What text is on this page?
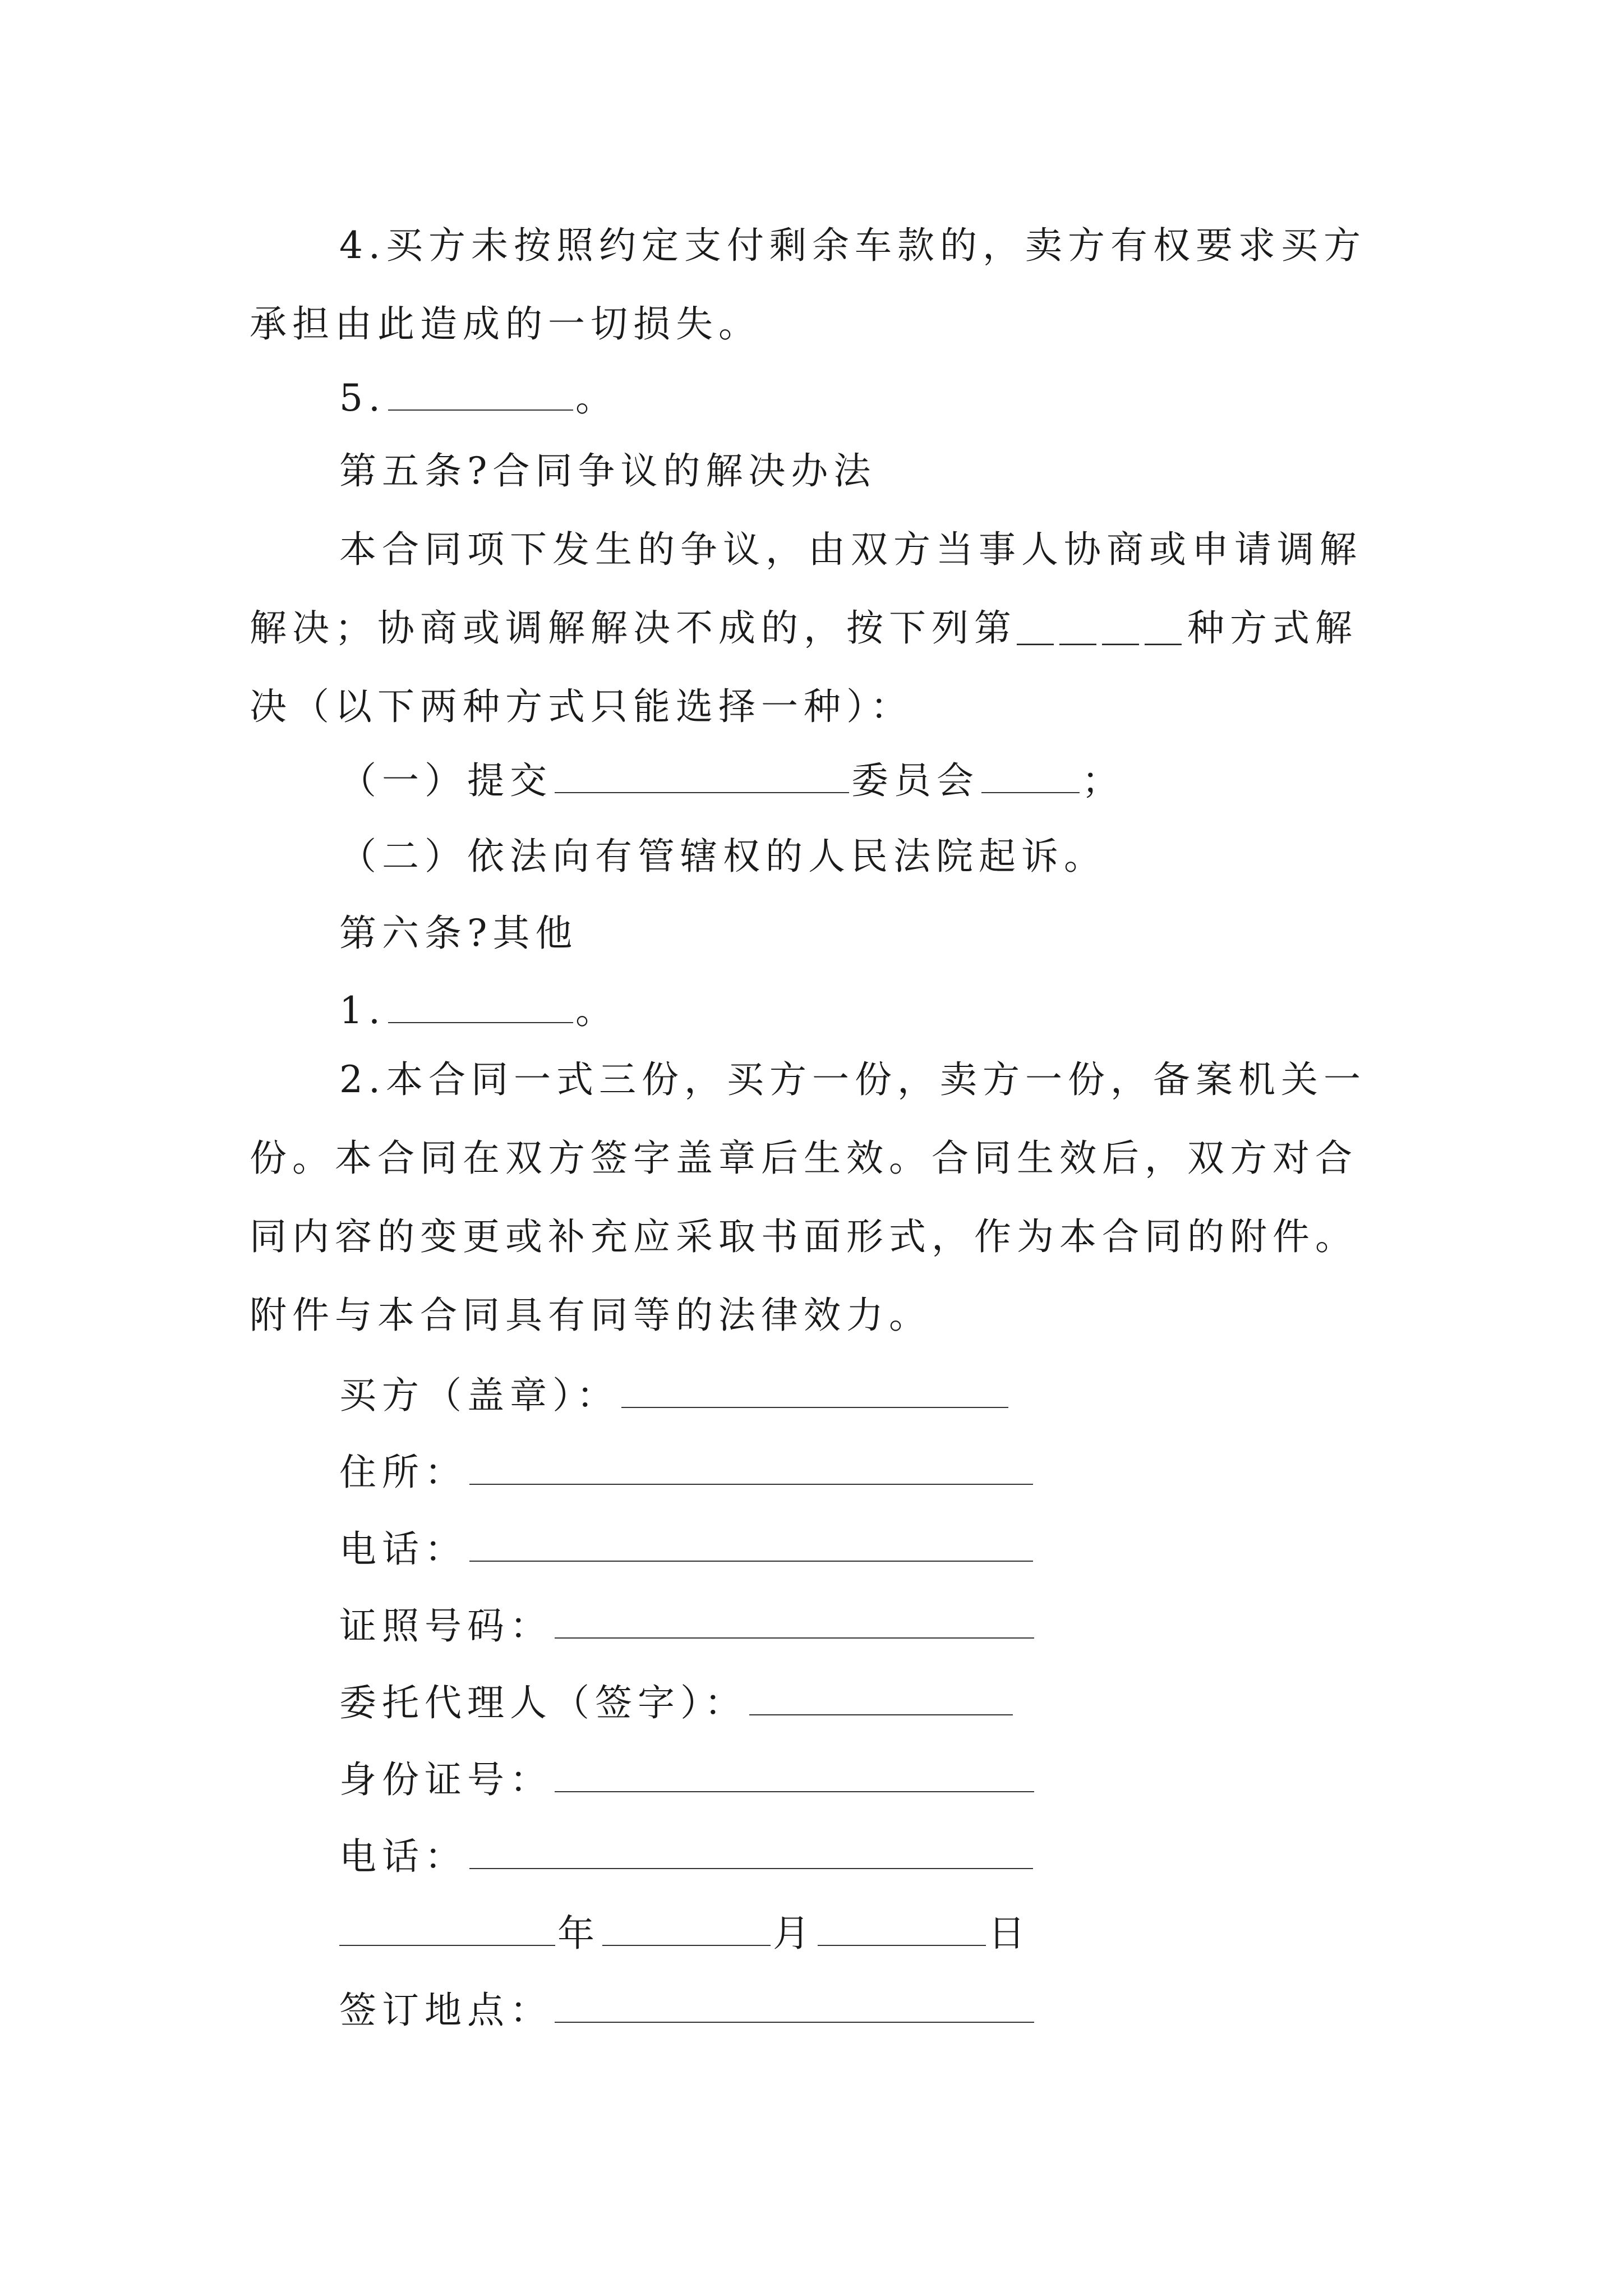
4.买方未按照约定支付剩余车款的，卖方有权要求买方承担由此造成的一切损失。
5.	。
第五条?合同争议的解决办法
本合同项下发生的争议，由双方当事人协商或申请调解解决；协商或调解解决不成的，按下列第＿＿＿＿种方式解决（以下两种方式只能选择一种）：
（一）提交	委员会	；
（二）依法向有管辖权的人民法院起诉。
第六条?其他
1.	。
2.本合同一式三份，买方一份，卖方一份，备案机关一份。本合同在双方签字盖章后生效。合同生效后，双方对合同内容的变更或补充应采取书面形式，作为本合同的附件。附件与本合同具有同等的法律效力。
买方（盖章）：
住所：
电话：
证照号码：
委托代理人（签字）：
身份证号：
电话：
年	月	日
签订地点：
